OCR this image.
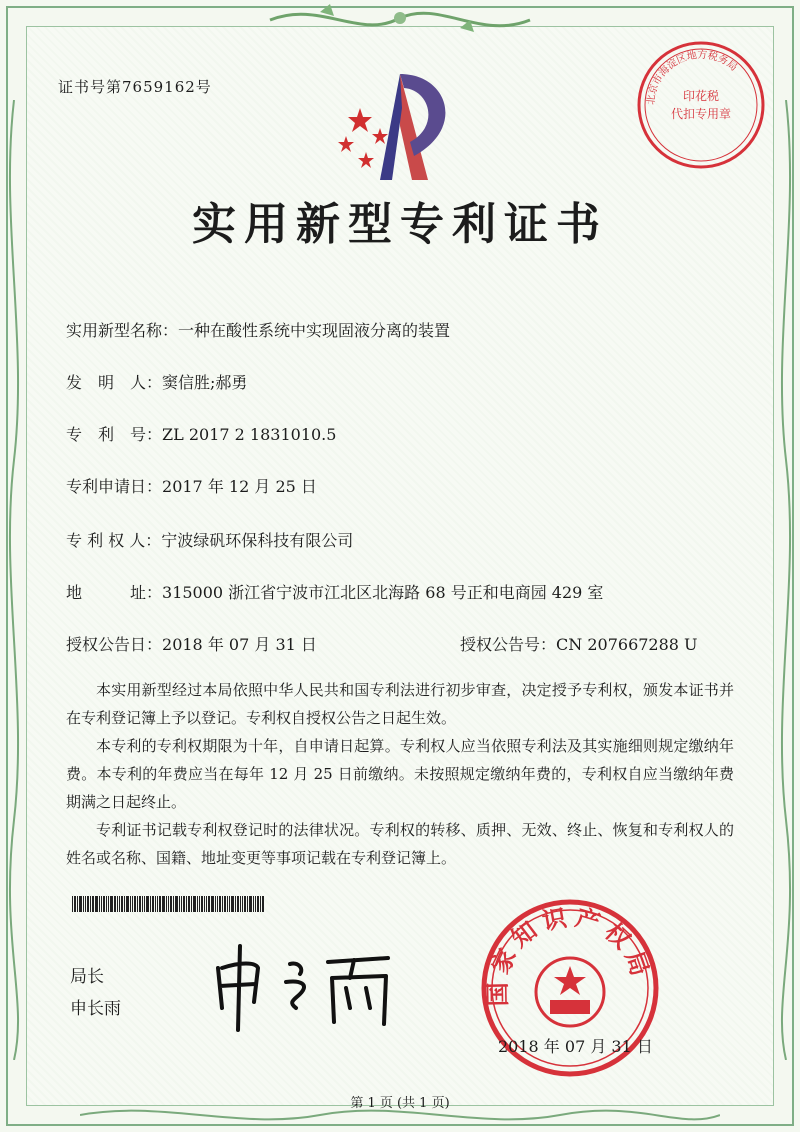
证书号第7659162号	印花税
代扣专用章
北京市海淀区地方税务局
实用新型专利证书
实用新型名称：一种在酸性系统中实现固液分离的装置
发　明　人：窦信胜;郝勇
专　利　号：ZL 2017 2 1831010.5
专利申请日：2017 年 12 月 25 日
专 利 权 人：宁波绿矾环保科技有限公司
地　　　址：315000 浙江省宁波市江北区北海路 68 号正和电商园 429 室
授权公告日：2018 年 07 月 31 日	授权公告号：CN 207667288 U

本实用新型经过本局依照中华人民共和国专利法进行初步审查，决定授予专利权，颁发本证书并在专利登记簿上予以登记。专利权自授权公告之日起生效。

本专利的专利权期限为十年，自申请日起算。专利权人应当依照专利法及其实施细则规定缴纳年费。本专利的年费应当在每年 12 月 25 日前缴纳。未按照规定缴纳年费的，专利权自应当缴纳年费期满之日起终止。

专利证书记载专利权登记时的法律状况。专利权的转移、质押、无效、终止、恢复和专利权人的姓名或名称、国籍、地址变更等事项记载在专利登记簿上。

局长
申长雨
国家知识产权局
2018 年 07 月 31 日
第 1 页 (共 1 页)
